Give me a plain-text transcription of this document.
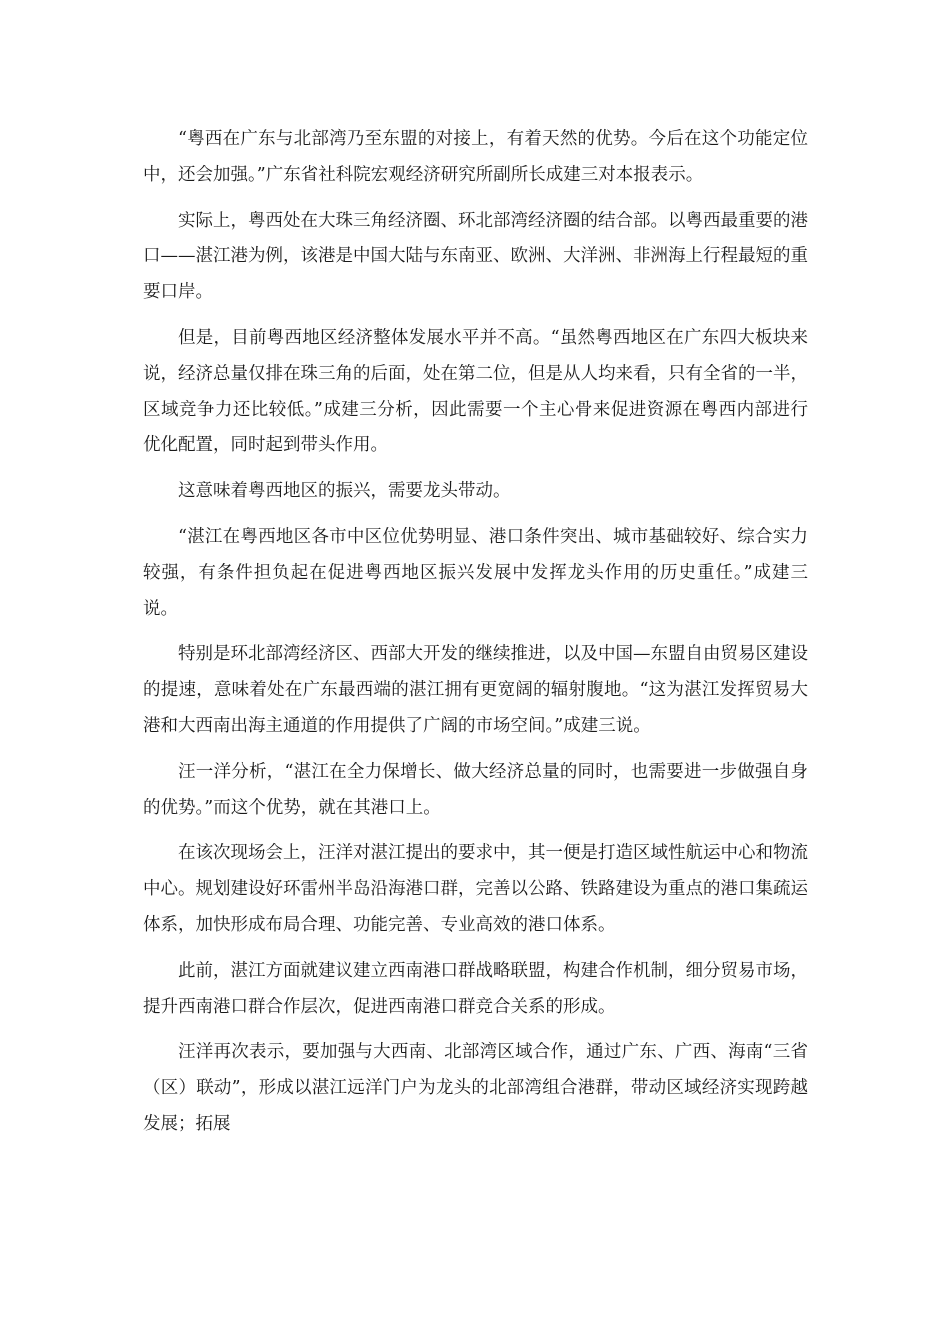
“粤西在广东与北部湾乃至东盟的对接上，有着天然的优势。今后在这个功能定位中，还会加强。”广东省社科院宏观经济研究所副所长成建三对本报表示。

实际上，粤西处在大珠三角经济圈、环北部湾经济圈的结合部。以粤西最重要的港口——湛江港为例，该港是中国大陆与东南亚、欧洲、大洋洲、非洲海上行程最短的重要口岸。

但是，目前粤西地区经济整体发展水平并不高。“虽然粤西地区在广东四大板块来说，经济总量仅排在珠三角的后面，处在第二位，但是从人均来看，只有全省的一半，区域竞争力还比较低。”成建三分析，因此需要一个主心骨来促进资源在粤西内部进行优化配置，同时起到带头作用。

这意味着粤西地区的振兴，需要龙头带动。

“湛江在粤西地区各市中区位优势明显、港口条件突出、城市基础较好、综合实力较强，有条件担负起在促进粤西地区振兴发展中发挥龙头作用的历史重任。”成建三说。

特别是环北部湾经济区、西部大开发的继续推进，以及中国—东盟自由贸易区建设的提速，意味着处在广东最西端的湛江拥有更宽阔的辐射腹地。“这为湛江发挥贸易大港和大西南出海主通道的作用提供了广阔的市场空间。”成建三说。

汪一洋分析，“湛江在全力保增长、做大经济总量的同时，也需要进一步做强自身的优势。”而这个优势，就在其港口上。

在该次现场会上，汪洋对湛江提出的要求中，其一便是打造区域性航运中心和物流中心。规划建设好环雷州半岛沿海港口群，完善以公路、铁路建设为重点的港口集疏运体系，加快形成布局合理、功能完善、专业高效的港口体系。

此前，湛江方面就建议建立西南港口群战略联盟，构建合作机制，细分贸易市场，提升西南港口群合作层次，促进西南港口群竞合关系的形成。

汪洋再次表示，要加强与大西南、北部湾区域合作，通过广东、广西、海南“三省（区）联动”，形成以湛江远洋门户为龙头的北部湾组合港群，带动区域经济实现跨越发展；拓展
